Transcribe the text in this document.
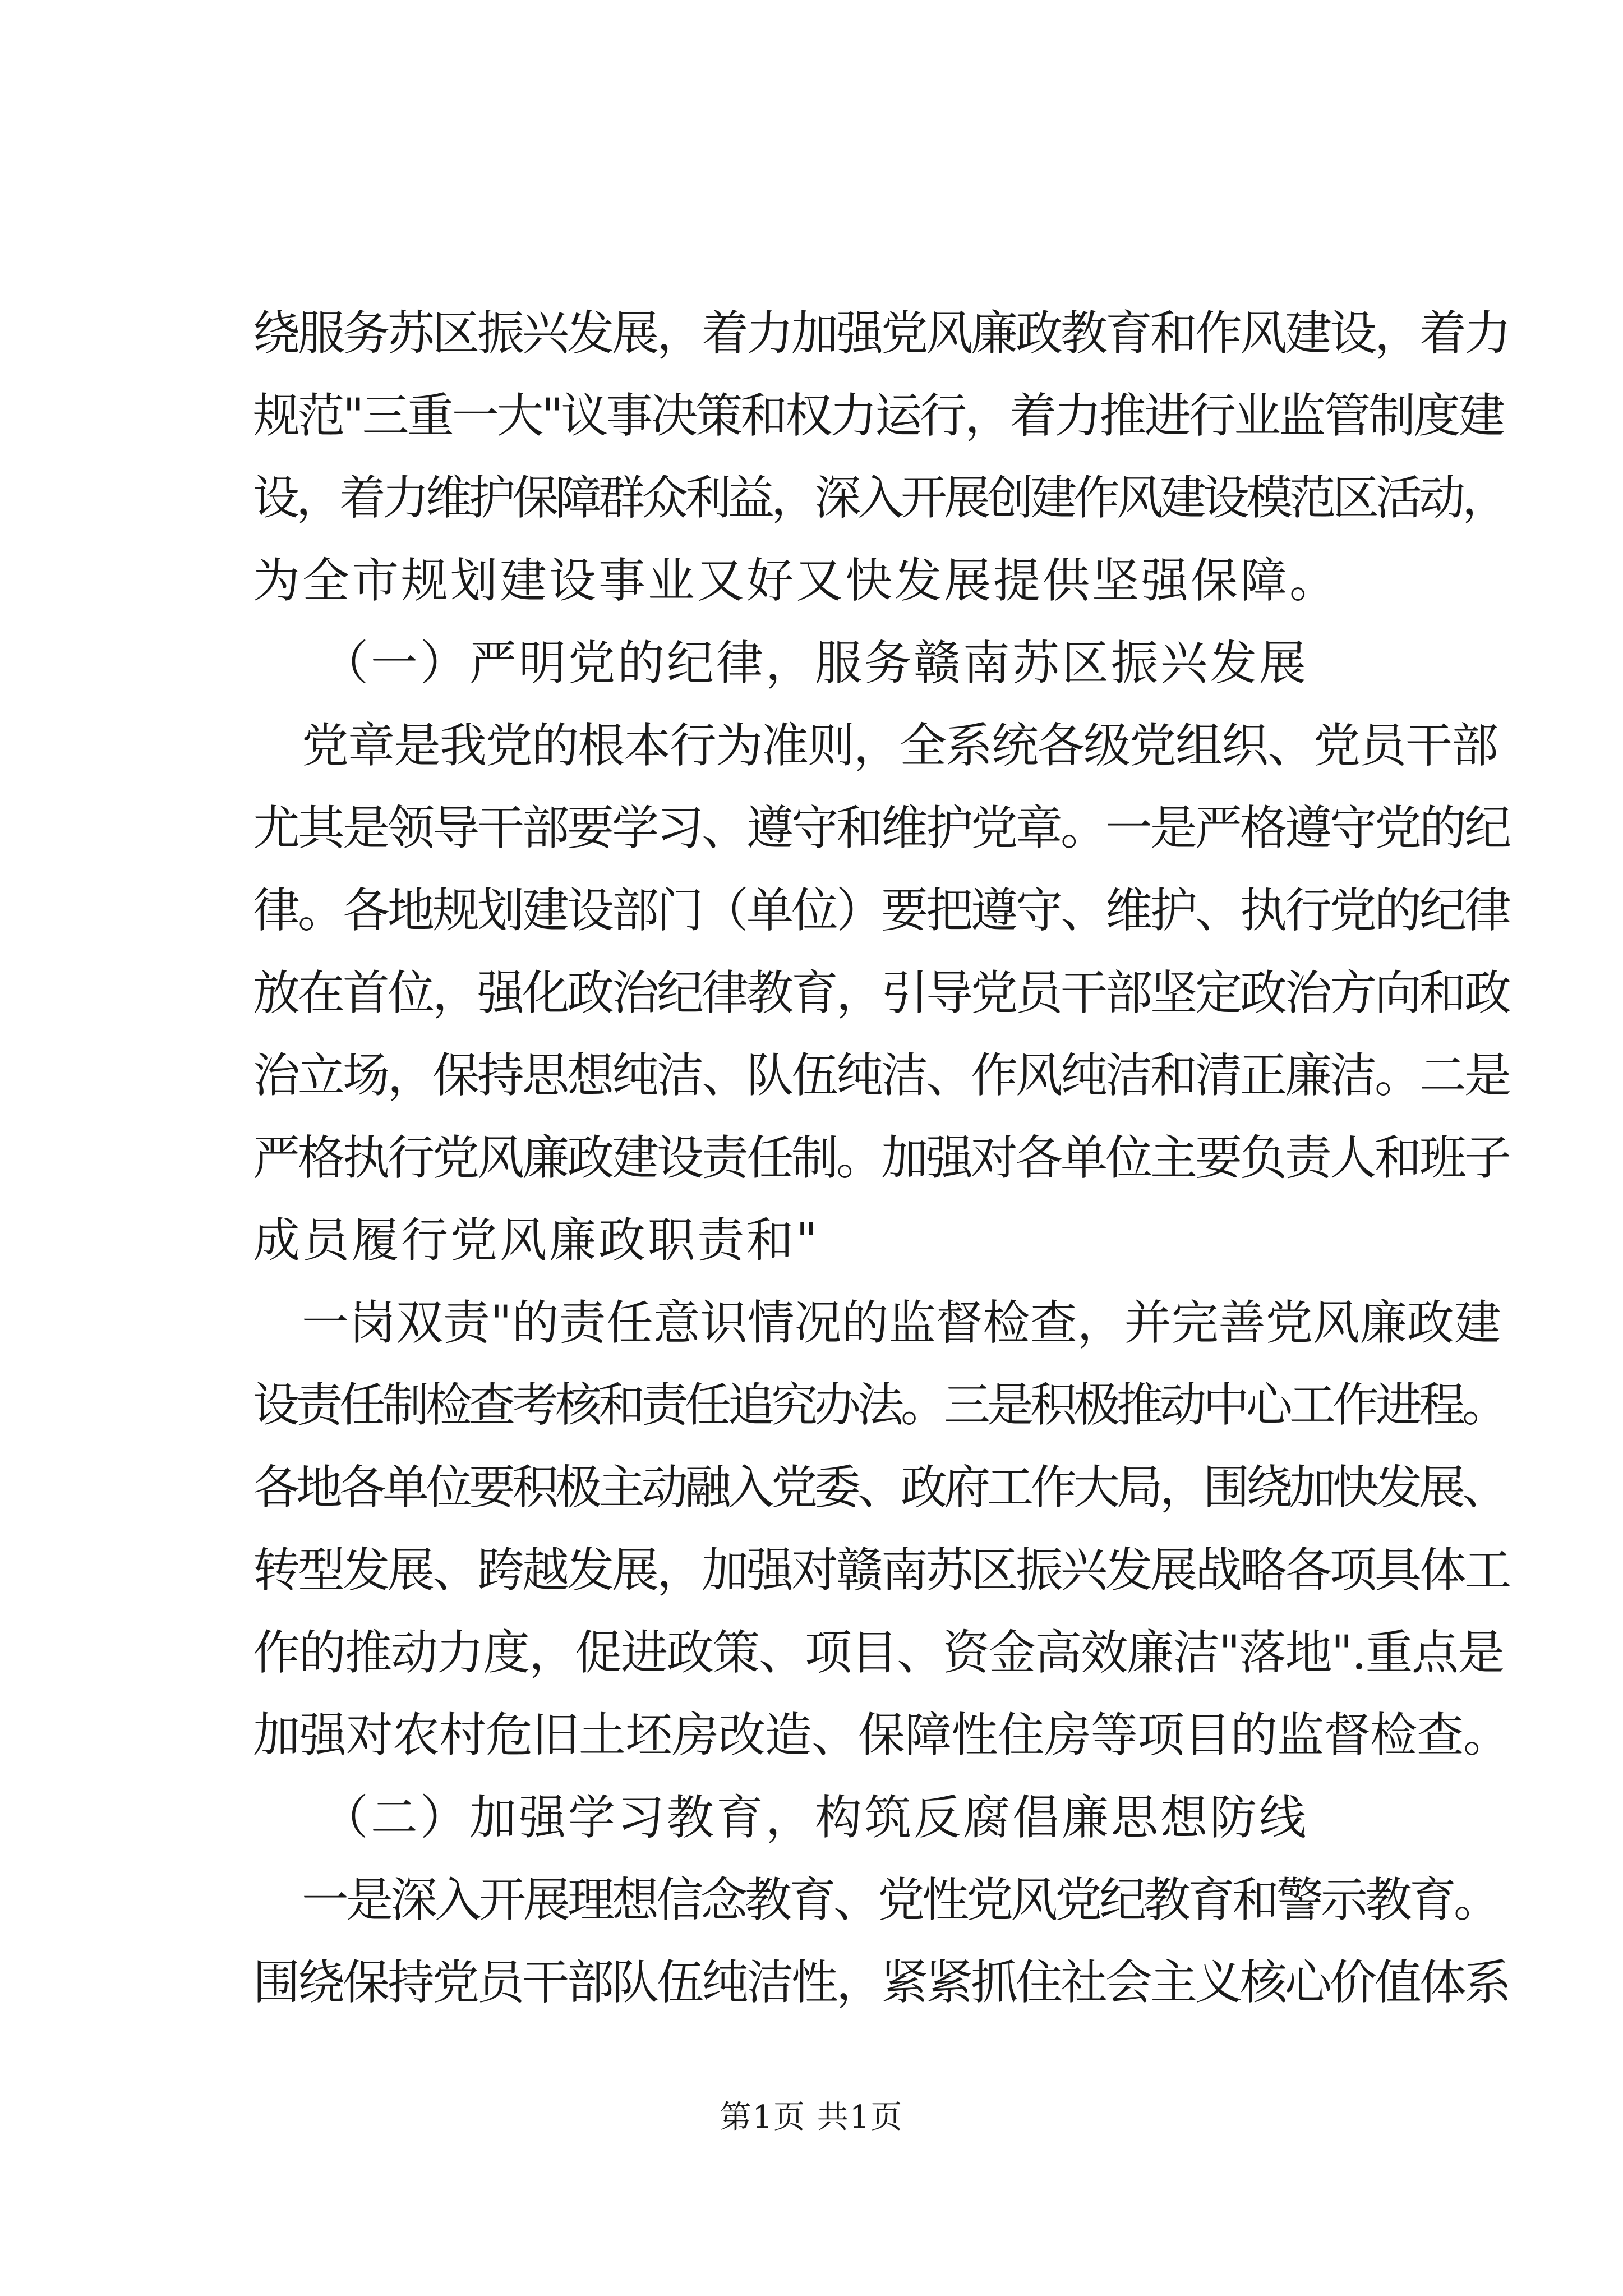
绕服务苏区振兴发展，着力加强党风廉政教育和作风建设，着力
规范"三重一大"议事决策和权力运行，着力推进行业监管制度建
设，着力维护保障群众利益，深入开展创建作风建设模范区活动，
为全市规划建设事业又好又快发展提供坚强保障。
（一）严明党的纪律，服务赣南苏区振兴发展
党章是我党的根本行为准则，全系统各级党组织、党员干部
尤其是领导干部要学习、遵守和维护党章。一是严格遵守党的纪
律。各地规划建设部门（单位）要把遵守、维护、执行党的纪律
放在首位，强化政治纪律教育，引导党员干部坚定政治方向和政
治立场，保持思想纯洁、队伍纯洁、作风纯洁和清正廉洁。二是
严格执行党风廉政建设责任制。加强对各单位主要负责人和班子
成员履行党风廉政职责和"
一岗双责"的责任意识情况的监督检查，并完善党风廉政建
设责任制检查考核和责任追究办法。三是积极推动中心工作进程。
各地各单位要积极主动融入党委、政府工作大局，围绕加快发展、
转型发展、跨越发展，加强对赣南苏区振兴发展战略各项具体工
作的推动力度，促进政策、项目、资金高效廉洁"落地".重点是
加强对农村危旧土坯房改造、保障性住房等项目的监督检查。
（二）加强学习教育，构筑反腐倡廉思想防线
一是深入开展理想信念教育、党性党风党纪教育和警示教育。
围绕保持党员干部队伍纯洁性，紧紧抓住社会主义核心价值体系
第1页 共1页
